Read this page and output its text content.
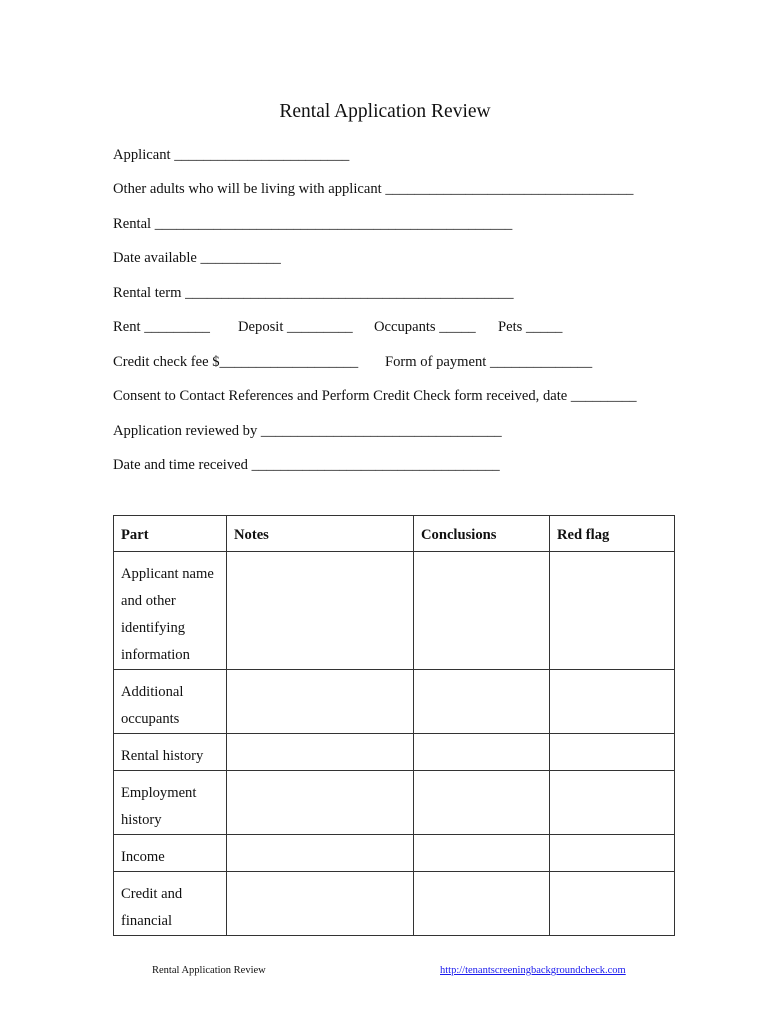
Rental Application Review
Applicant ________________________
Other adults who will be living with applicant __________________________________
Rental _________________________________________________
Date available ___________
Rental term _____________________________________________

Rent _________

Deposit _________

Occupants _____

Pets _____

Credit check fee $___________________

Form of payment ______________

Consent to Contact References and Perform Credit Check form received, date _________
Application reviewed by _________________________________
Date and time received __________________________________
Part	Notes	Conclusions	Red flag
Applicant name and other identifying information			
Additional occupants			
Rental history			
Employment history			
Income			
Credit and financial			
Rental Application Review	http://tenantscreeningbackgroundcheck.com
